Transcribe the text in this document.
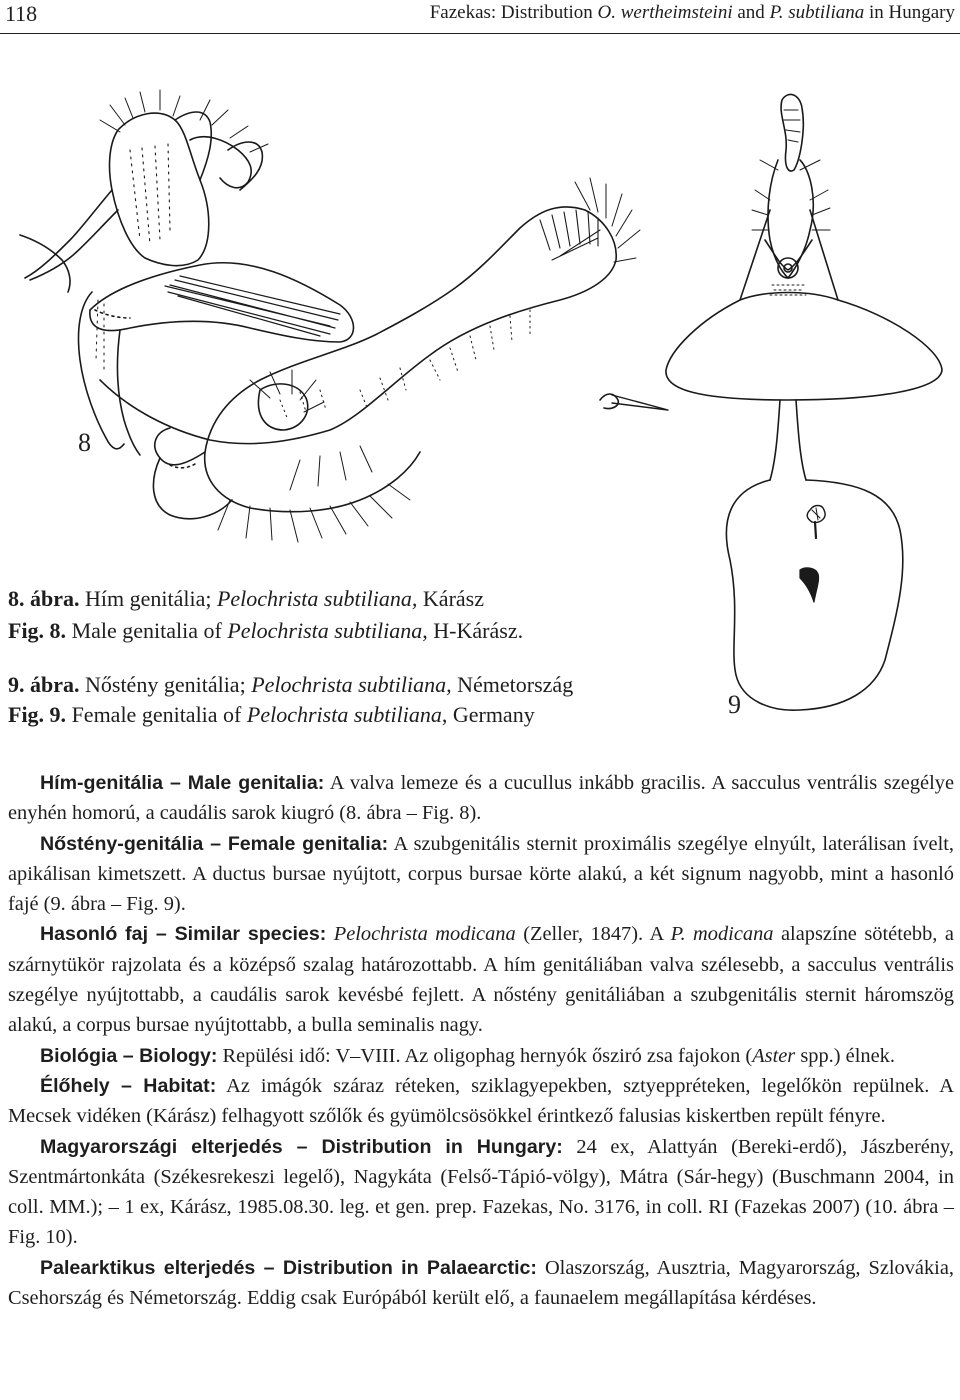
118	Fazekas: Distribution O. wertheimsteini and P. subtiliana in Hungary
8
9
8. ábra. Hím genitália; Pelochrista subtiliana, Kárász
Fig. 8. Male genitalia of Pelochrista subtiliana, H-Kárász.
9. ábra. Nőstény genitália; Pelochrista subtiliana, Németország
Fig. 9. Female genitalia of Pelochrista subtiliana, Germany

Hím-genitália – Male genitalia: A valva lemeze és a cucullus inkább gracilis. A sacculus ventrális szegélye enyhén homorú, a caudális sarok kiugró (8. ábra – Fig. 8).

Nőstény-genitália – Female genitalia: A szubgenitális sternit proximális szegélye elnyúlt, laterálisan ívelt, apikálisan kimetszett. A ductus bursae nyújtott, corpus bursae körte alakú, a két signum nagyobb, mint a hasonló fajé (9. ábra – Fig. 9).

Hasonló faj – Similar species: Pelochrista modicana (Zeller, 1847). A P. modicana alapszíne sötétebb, a szárnytükör rajzolata és a középső szalag határozottabb. A hím genitáliában valva szélesebb, a sacculus ventrális szegélye nyújtottabb, a caudális sarok kevésbé fejlett. A nőstény genitáliában a szubgenitális sternit háromszög alakú, a corpus bursae nyújtottabb, a bulla seminalis nagy.

Biológia – Biology: Repülési idő: V–VIII. Az oligophag hernyók ősziró zsa fajokon (Aster spp.) élnek.

Élőhely – Habitat: Az imágók száraz réteken, sziklagyepekben, sztyeppréteken, legelőkön repülnek. A Mecsek vidéken (Kárász) felhagyott szőlők és gyümölcsösökkel érintkező falusias kiskertben repült fényre.

Magyarországi elterjedés – Distribution in Hungary: 24 ex, Alattyán (Bereki-erdő), Jászberény, Szentmártonkáta (Székesrekeszi legelő), Nagykáta (Felső-Tápió-völgy), Mátra (Sár-hegy) (Buschmann 2004, in coll. MM.); – 1 ex, Kárász, 1985.08.30. leg. et gen. prep. Fazekas, No. 3176, in coll. RI (Fazekas 2007) (10. ábra – Fig. 10).

Palearktikus elterjedés – Distribution in Palaearctic: Olaszország, Ausztria, Magyarország, Szlovákia, Csehország és Németország. Eddig csak Európából került elő, a faunaelem megállapítása kérdéses.
